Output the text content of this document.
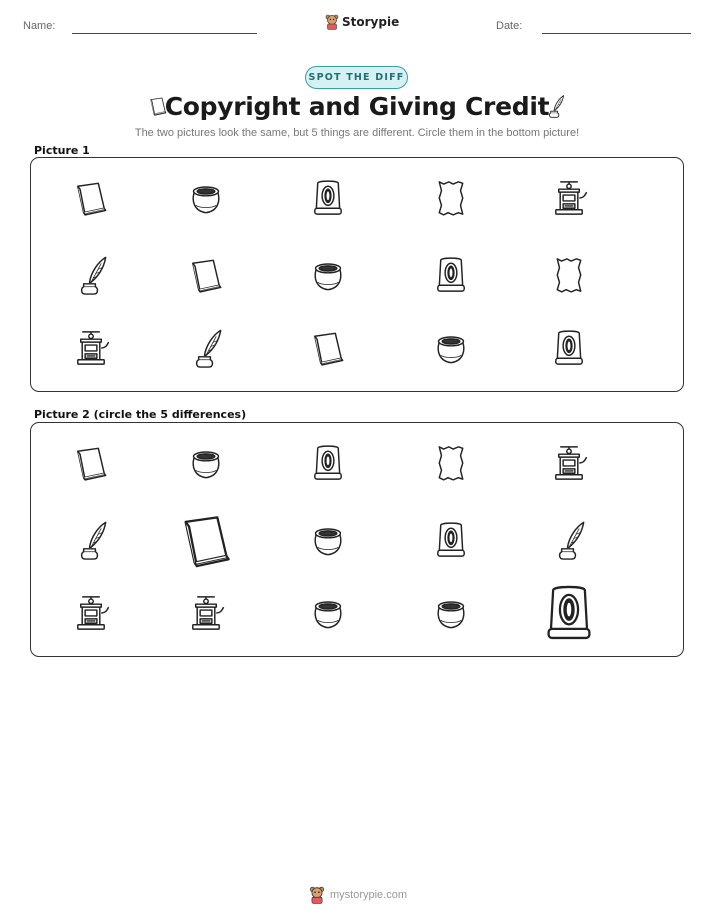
Name:	Storypie	Date:
SPOT THE DIFF
Copyright and Giving Credit
The two pictures look the same, but 5 things are different. Circle them in the bottom picture!
Picture 1
Picture 2 (circle the 5 differences)
mystorypie.com
